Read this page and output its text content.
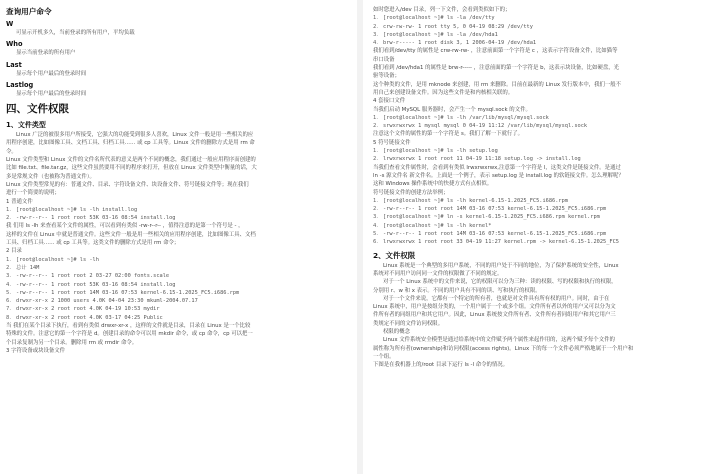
查询用户命令
W
可显示开机多久，当前登录的所有用户，平均负载
Who
显示当前登录的所有用户
Last
显示每个用户最后的登录时间
Lastlog
显示每个用户最后的登录时间
四、文件权限
1、文件类型
Linux 广泛的被很多用户所接受，它强大的功能受到很多人喜欢，Linux 文件一般是用一些相关的应
用程序创建，比如图像工具、文档工具、归档工具…… 或 cp 工具等。Linux 文件的删除方式是用 rm 命
令。
Linux 文件类型和 Linux 文件的文件名所代表的意义是两个不同的概念，我们通过一般应用程序而创建的
比如 file.txt、file.tar.gz，这些文件虽然要用不同的程序来打开，但放在 Linux 文件类型中衡量的话，大
多是常规文件（也被称为普通文件）。
Linux 文件类型常见的有：普通文件、目录、字符设备文件、块设备文件、符号链接文件等；现在我们
进行一个简要的说明；
1 普通文件
1. [root@localhost ~]# ls -lh install.log
2. -rw-r--r-- 1 root root 53K 03-16 08:54 install.log
我 们用 ls -lh 来查看某个文件的属性，可以看到有类似 -rw-r--r-- ，值得注意的是第一个符号是 - ，
这样的文件在 Linux 中就是普通文件。这些文件一般是用一些相关的应用程序创建，比如图像工具、文档
工具、归档工具…… 或 cp 工具等。这类文件的删除方式是用 rm 命令；
2 目录
1. [root@localhost ~]# ls -lh
2. 总计 14M
3. -rw-r--r-- 1 root root 2 03-27 02:00 fonts.scale
4. -rw-r--r-- 1 root root 53K 03-16 08:54 install.log
5. -rw-r--r-- 1 root root 14M 03-16 07:53 kernel-6.15-1.2025_FC5.i686.rpm
6. drwxr-xr-x 2 1000 users 4.0K 04-04 23:30 mkuml-2004.07.17
7. drwxr-xr-x 2 root root 4.0K 04-19 10:53 mydir
8. drwxr-xr-x 2 root root 4.0K 03-17 04:25 Public
当 我们在某个目录下执行，看到有类似 drwxr-xr-x ，这样的文件就是目录，目录在 Linux 是一个比较
特殊的文件。注意它的第一个字符是 d。创建目录的命令可以用 mkdir 命令，或 cp 命令，cp 可以把一
个目录复制为另一个目录。删除用 rm 或 rmdir 命令。
3 字符设备或块设备文件
如时您进入/dev 目录，列一下文件，会看到类似如下的；
1. [root@localhost ~]# ls -la /dev/tty
2. crw-rw-rw- 1 root tty 5, 0 04-19 08:29 /dev/tty
3. [root@localhost ~]# ls -la /dev/hda1
4. brw-r----- 1 root disk 3, 1 2006-04-19 /dev/hda1
我们看到/dev/tty 的属性是 crw-rw-rw- ，注意前面第一个字符是 c ，这表示字符设备文件，比如猫等
串口设备
我们看到 /dev/hda1 的属性是 brw-r----- ，注意前面的第一个字符是 b，这表示块设备，比如硬盘，光
驱等设备；
这个种类的文件，是用 mknode 来创建，用 rm 来删除。目前在最新的 Linux 发行版本中，我们一般不
用自己来创建设备文件。因为这些文件是和内核相关联的。
4 套接口文件
当我们启动 MySQL 服务器时，会产生一个 mysql.sock 的文件。
1. [root@localhost ~]# ls -lh /var/lib/mysql/mysql.sock
2. srwxrwxrwx 1 mysql mysql 0 04-19 11:12 /var/lib/mysql/mysql.sock
注意这个文件的属性的第一个字符是 s。我们了解一下就行了。
5 符号链接文件
1. [root@localhost ~]# ls -lh setup.log
2. lrwxrwxrwx 1 root root 11 04-19 11:18 setup.log -> install.log
当我们查看文件属性时，会看到有类似 lrwxrwxrwx,注意第一个字符是 l，这类文件是链接文件。是通过
ln -s 源文件名 新文件名。上面是一个例子，表示 setup.log 是 install.log 的软链接文件。怎么理解呢？
这和 Windows 操作系统中的快捷方式有点相似。
符号链接文件的创建方法举例；
1. [root@localhost ~]# ls -lh kernel-6.15-1.2025_FC5.i686.rpm
2. -rw-r--r-- 1 root root 14M 03-16 07:53 kernel-6.15-1.2025_FC5.i686.rpm
3. [root@localhost ~]# ln -s kernel-6.15-1.2025_FC5.i686.rpm kernel.rpm
4. [root@localhost ~]# ls -lh kernel*
5. -rw-r--r-- 1 root root 14M 03-16 07:53 kernel-6.15-1.2025_FC5.i686.rpm
6. lrwxrwxrwx 1 root root 33 04-19 11:27 kernel.rpm -> kernel-6.15-1.2025_FC5
2、文件权限
Linux 系统是一个典型的多用户系统，不同的用户处于不同的地位，为了保护系统的安全性，Linux
系统对不同用户访问同一文件的权限做了不同的规定。
对于一个 Linux 系统中的文件来说，它的权限可以分为三种：读的权限、写的权限和执行的权限，
分别用 r、w 和 x 表示。不同的用户具有不同的读、写和执行的权限。
对于一个文件来说，它都有一个特定的所有者，也就是对文件具有所有权的用户。同时，由于在
Linux 系统中，用户是按组分类的，一个用户属于一个或多个组。文件所有者以外的用户又可以分为文
件所有者的同组用户和其它用户。因此，Linux 系统按文件所有者、文件所有者同组用户和其它用户三
类规定不同的文件访问权限。
权限的概念
Linux 文件系统安全模型是通过给系统中的文件赋予两个属性来起作用的，这两个赋予每个文件的
属性称为所有者(ownership)和访问权限(access rights)。Linux 下的每一个文件必须严格地属于一个用户和
一个组。
下图是在我机器上的/root 目录下运行 ls -l 命令的情况。
